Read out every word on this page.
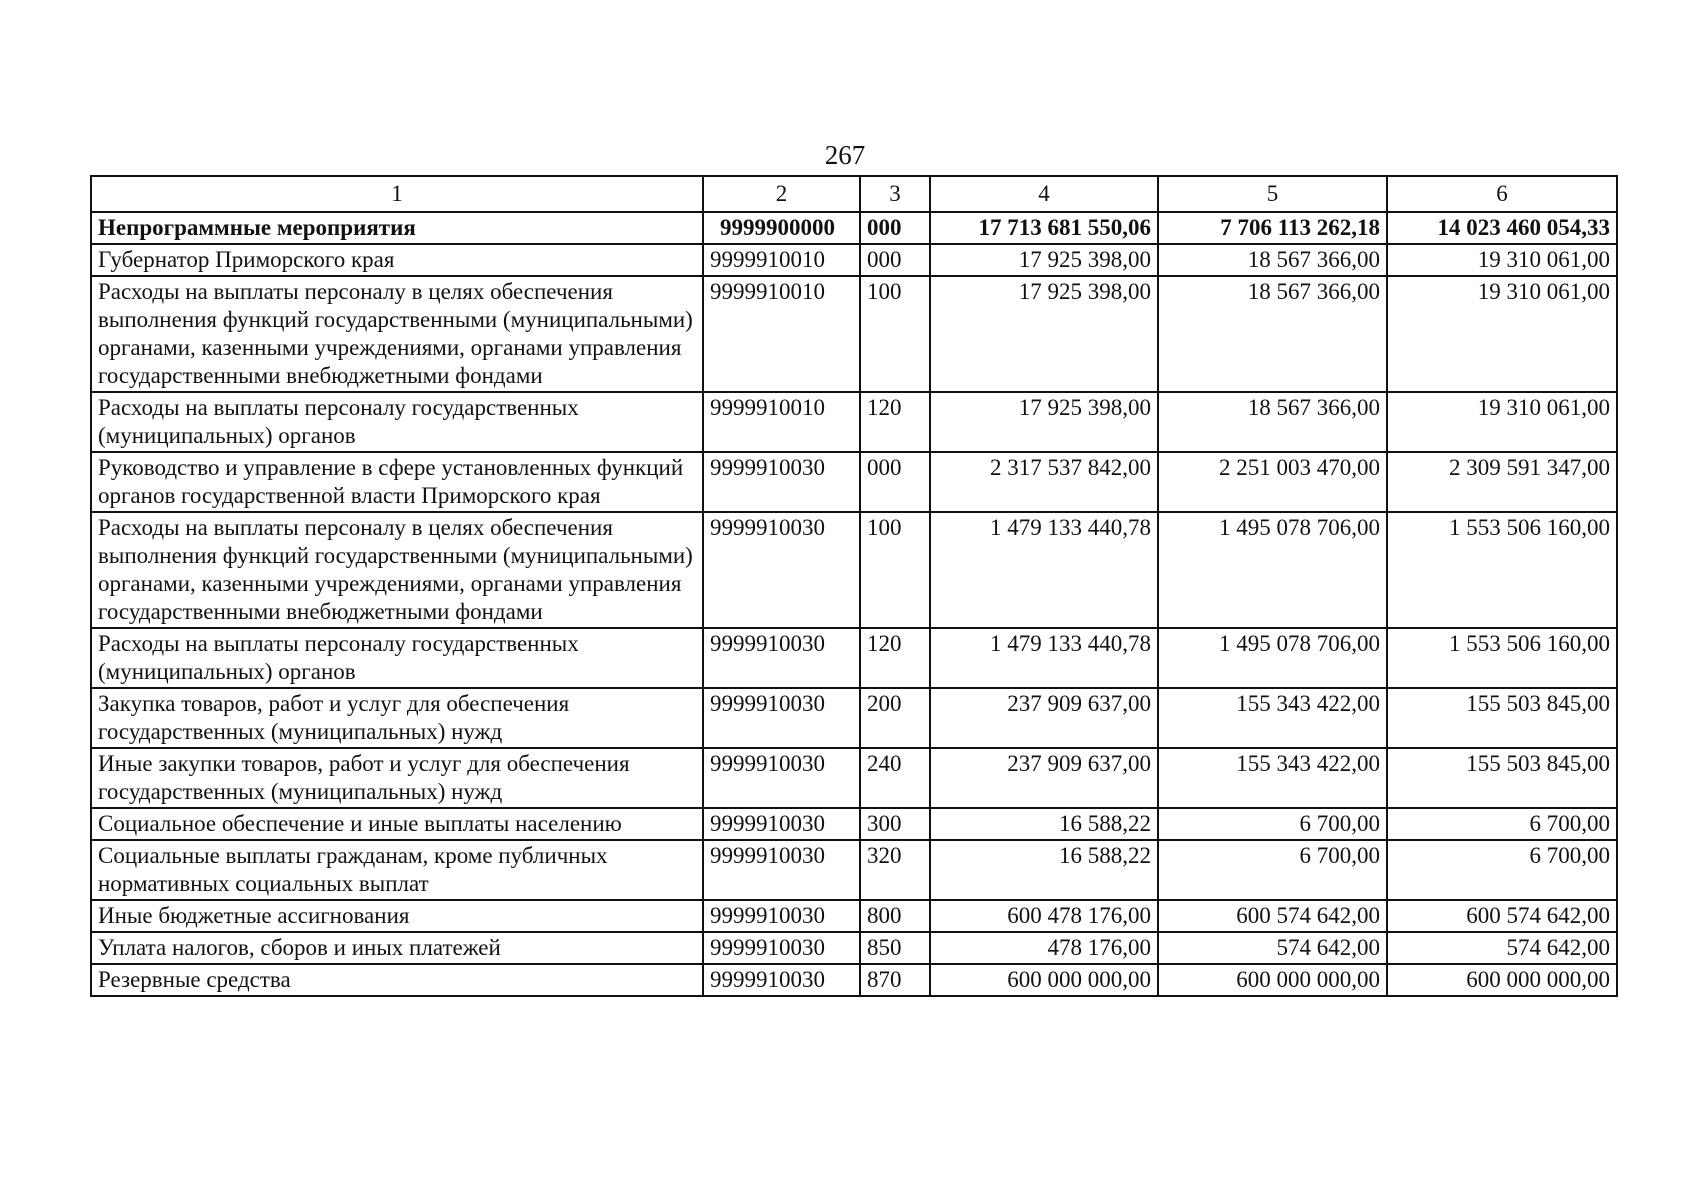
267
1	2	3	4	5	6
Непрограммные мероприятия	9999900000	000	17 713 681 550,06	7 706 113 262,18	14 023 460 054,33
Губернатор Приморского края	9999910010	000	17 925 398,00	18 567 366,00	19 310 061,00
Расходы на выплаты персоналу в целях обеспечения выполнения функций государственными (муниципальными) органами, казенными учреждениями, органами управления государственными внебюджетными фондами	9999910010	100	17 925 398,00	18 567 366,00	19 310 061,00
Расходы на выплаты персоналу государственных (муниципальных) органов	9999910010	120	17 925 398,00	18 567 366,00	19 310 061,00
Руководство и управление в сфере установленных функций органов государственной власти Приморского края	9999910030	000	2 317 537 842,00	2 251 003 470,00	2 309 591 347,00
Расходы на выплаты персоналу в целях обеспечения выполнения функций государственными (муниципальными) органами, казенными учреждениями, органами управления государственными внебюджетными фондами	9999910030	100	1 479 133 440,78	1 495 078 706,00	1 553 506 160,00
Расходы на выплаты персоналу государственных (муниципальных) органов	9999910030	120	1 479 133 440,78	1 495 078 706,00	1 553 506 160,00
Закупка товаров, работ и услуг для обеспечения государственных (муниципальных) нужд	9999910030	200	237 909 637,00	155 343 422,00	155 503 845,00
Иные закупки товаров, работ и услуг для обеспечения государственных (муниципальных) нужд	9999910030	240	237 909 637,00	155 343 422,00	155 503 845,00
Социальное обеспечение и иные выплаты населению	9999910030	300	16 588,22	6 700,00	6 700,00
Социальные выплаты гражданам, кроме публичных нормативных социальных выплат	9999910030	320	16 588,22	6 700,00	6 700,00
Иные бюджетные ассигнования	9999910030	800	600 478 176,00	600 574 642,00	600 574 642,00
Уплата налогов, сборов и иных платежей	9999910030	850	478 176,00	574 642,00	574 642,00
Резервные средства	9999910030	870	600 000 000,00	600 000 000,00	600 000 000,00
